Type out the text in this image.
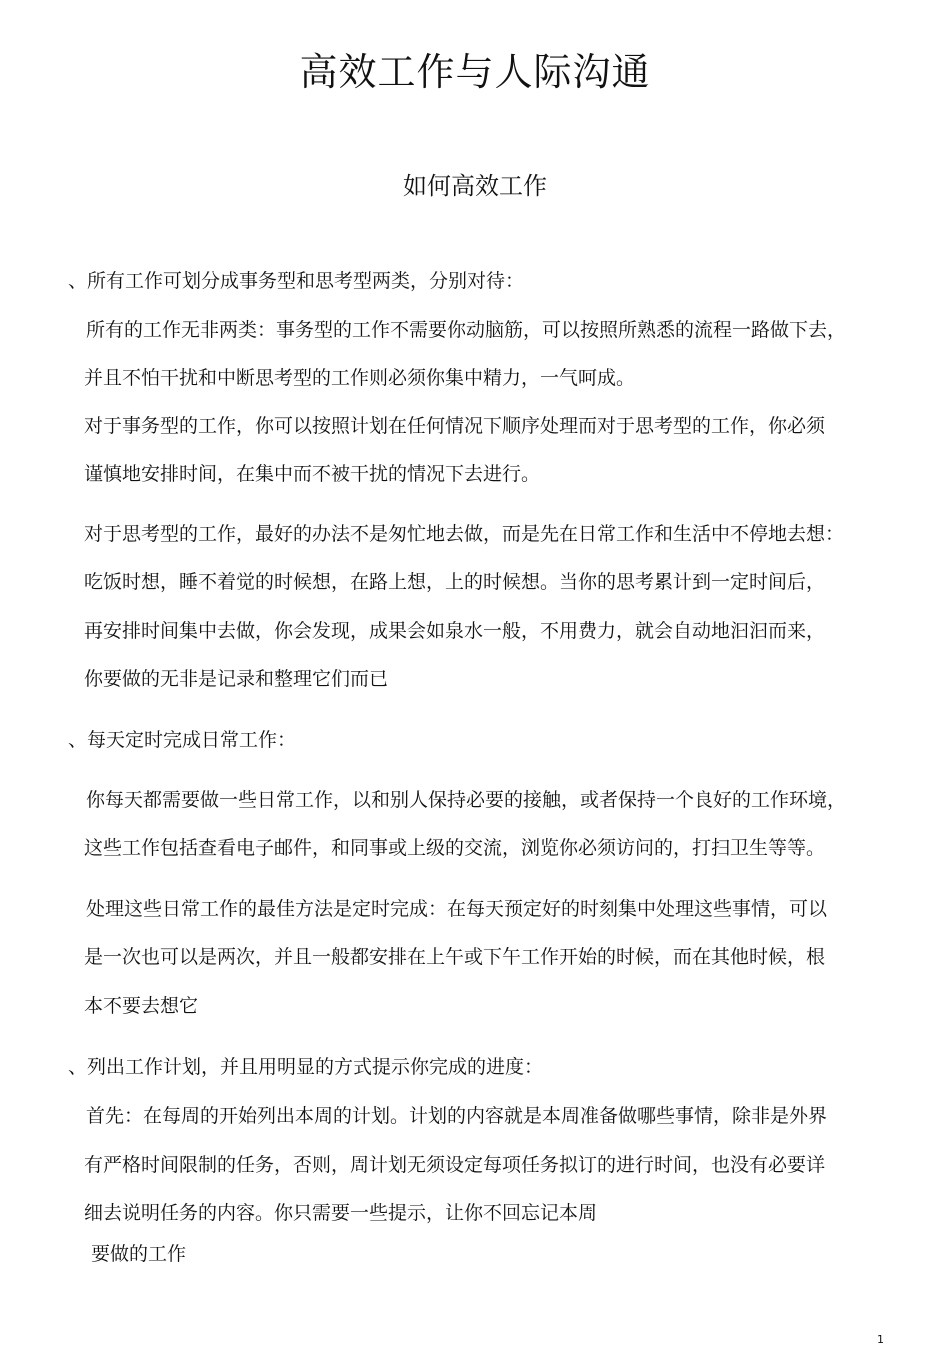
高效工作与人际沟通
如何高效工作
、所有工作可划分成事务型和思考型两类，分别对待：
所有的工作无非两类：事务型的工作不需要你动脑筋，可以按照所熟悉的流程一路做下去，
并且不怕干扰和中断思考型的工作则必须你集中精力，一气呵成。
对于事务型的工作，你可以按照计划在任何情况下顺序处理而对于思考型的工作，你必须
谨慎地安排时间，在集中而不被干扰的情况下去进行。
对于思考型的工作，最好的办法不是匆忙地去做，而是先在日常工作和生活中不停地去想：
吃饭时想，睡不着觉的时候想，在路上想，上的时候想。当你的思考累计到一定时间后，
再安排时间集中去做，你会发现，成果会如泉水一般，不用费力，就会自动地汩汩而来，
你要做的无非是记录和整理它们而已
、每天定时完成日常工作：
你每天都需要做一些日常工作，以和别人保持必要的接触，或者保持一个良好的工作环境，
这些工作包括查看电子邮件，和同事或上级的交流，浏览你必须访问的，打扫卫生等等。
处理这些日常工作的最佳方法是定时完成：在每天预定好的时刻集中处理这些事情，可以
是一次也可以是两次，并且一般都安排在上午或下午工作开始的时候，而在其他时候，根
本不要去想它
、列出工作计划，并且用明显的方式提示你完成的进度：
首先：在每周的开始列出本周的计划。计划的内容就是本周准备做哪些事情，除非是外界
有严格时间限制的任务，否则，周计划无须设定每项任务拟订的进行时间，也没有必要详
细去说明任务的内容。你只需要一些提示，让你不回忘记本周
要做的工作
1
